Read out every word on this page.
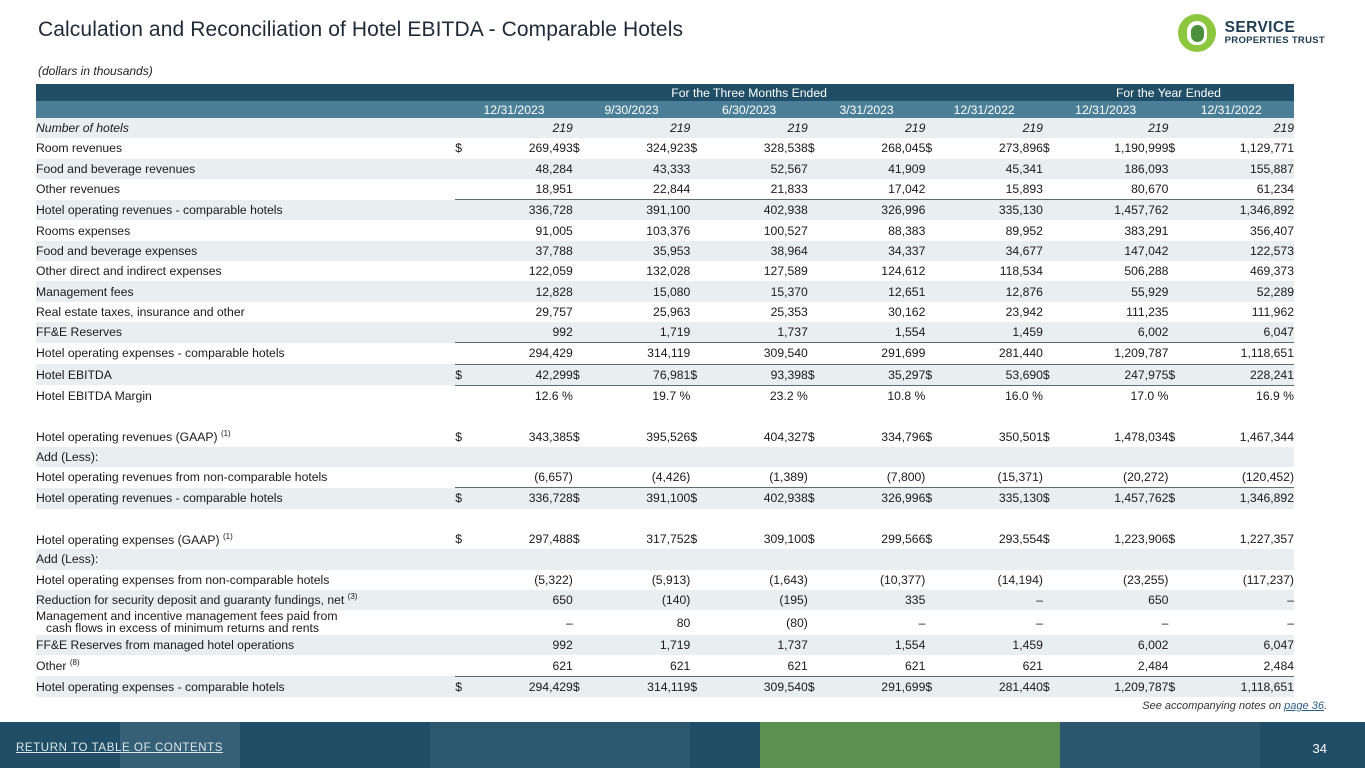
Calculation and Reconciliation of Hotel EBITDA - Comparable Hotels	SERVICE
PROPERTIES TRUST
(dollars in thousands)
	For the Three Months Ended										For the Year Ended			
	12/31/2023		9/30/2023		6/30/2023		3/31/2023		12/31/2022		12/31/2023		12/31/2022	
Number of hotels		219		219		219		219		219		219		219
Room revenues	$	269,493	$	324,923	$	328,538	$	268,045	$	273,896	$	1,190,999	$	1,129,771
Food and beverage revenues		48,284		43,333		52,567		41,909		45,341		186,093		155,887
Other revenues		18,951		22,844		21,833		17,042		15,893		80,670		61,234
Hotel operating revenues - comparable hotels		336,728		391,100		402,938		326,996		335,130		1,457,762		1,346,892
Rooms expenses		91,005		103,376		100,527		88,383		89,952		383,291		356,407
Food and beverage expenses		37,788		35,953		38,964		34,337		34,677		147,042		122,573
Other direct and indirect expenses		122,059		132,028		127,589		124,612		118,534		506,288		469,373
Management fees		12,828		15,080		15,370		12,651		12,876		55,929		52,289
Real estate taxes, insurance and other		29,757		25,963		25,353		30,162		23,942		111,235		111,962
FF&E Reserves		992		1,719		1,737		1,554		1,459		6,002		6,047
Hotel operating expenses - comparable hotels		294,429		314,119		309,540		291,699		281,440		1,209,787		1,118,651
Hotel EBITDA	$	42,299	$	76,981	$	93,398	$	35,297	$	53,690	$	247,975	$	228,241
Hotel EBITDA Margin		12.6 %		19.7 %		23.2 %		10.8 %		16.0 %		17.0 %		16.9 %

Hotel operating revenues (GAAP) $^{(1)}$	$	343,385	$	395,526	$	404,327	$	334,796	$	350,501	$	1,478,034	$	1,467,344
Add (Less):														
Hotel operating revenues from non-comparable hotels		(6,657)		(4,426)		(1,389)		(7,800)		(15,371)		(20,272)		(120,452)
Hotel operating revenues - comparable hotels	$	336,728	$	391,100	$	402,938	$	326,996	$	335,130	$	1,457,762	$	1,346,892

Hotel operating expenses (GAAP) $^{(1)}$	$	297,488	$	317,752	$	309,100	$	299,566	$	293,554	$	1,223,906	$	1,227,357
Add (Less):														
Hotel operating expenses from non-comparable hotels		(5,322)		(5,913)		(1,643)		(10,377)		(14,194)		(23,255)		(117,237)
Reduction for security deposit and guaranty fundings, net $^{(3)}$		650		(140)		(195)		335		–		650		–

Management and incentive management fees paid from
cash flows in excess of minimum returns and rents		–		80		(80)		–		–		–		–
FF&E Reserves from managed hotel operations		992		1,719		1,737		1,554		1,459		6,002		6,047
Other $^{(8)}$		621		621		621		621		621		2,484		2,484
Hotel operating expenses - comparable hotels	$	294,429	$	314,119	$	309,540	$	291,699	$	281,440	$	1,209,787	$	1,118,651
See accompanying notes on page 36.
RETURN TO TABLE OF CONTENTS	34
